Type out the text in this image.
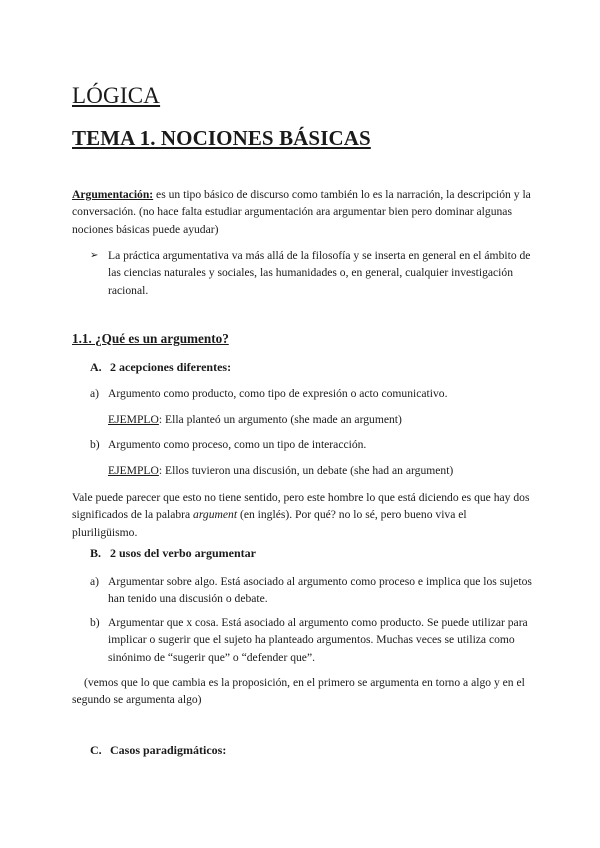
LÓGICA
TEMA 1. NOCIONES BÁSICAS

Argumentación: es un tipo básico de discurso como también lo es la narración, la descripción y la conversación. (no hace falta estudiar argumentación ara argumentar bien pero dominar algunas nociones básicas puede ayudar)

➢ La práctica argumentativa va más allá de la filosofía y se inserta en general en el ámbito de las ciencias naturales y sociales, las humanidades o, en general, cualquier investigación racional.
1.1. ¿Qué es un argumento?
A. 2 acepciones diferentes:
a) Argumento como producto, como tipo de expresión o acto comunicativo.
EJEMPLO: Ella planteó un argumento (she made an argument)
b) Argumento como proceso, como un tipo de interacción.
EJEMPLO: Ellos tuvieron una discusión, un debate (she had an argument)

Vale puede parecer que esto no tiene sentido, pero este hombre lo que está diciendo es que hay dos significados de la palabra argument (en inglés). Por qué? no lo sé, pero bueno viva el pluriligüismo.

B. 2 usos del verbo argumentar
a) Argumentar sobre algo. Está asociado al argumento como proceso e implica que los sujetos han tenido una discusión o debate.
b) Argumentar que x cosa. Está asociado al argumento como producto. Se puede utilizar para implicar o sugerir que el sujeto ha planteado argumentos. Muchas veces se utiliza como sinónimo de “sugerir que” o “defender que”.

(vemos que lo que cambia es la proposición, en el primero se argumenta en torno a algo y en el segundo se argumenta algo)

C. Casos paradigmáticos:
